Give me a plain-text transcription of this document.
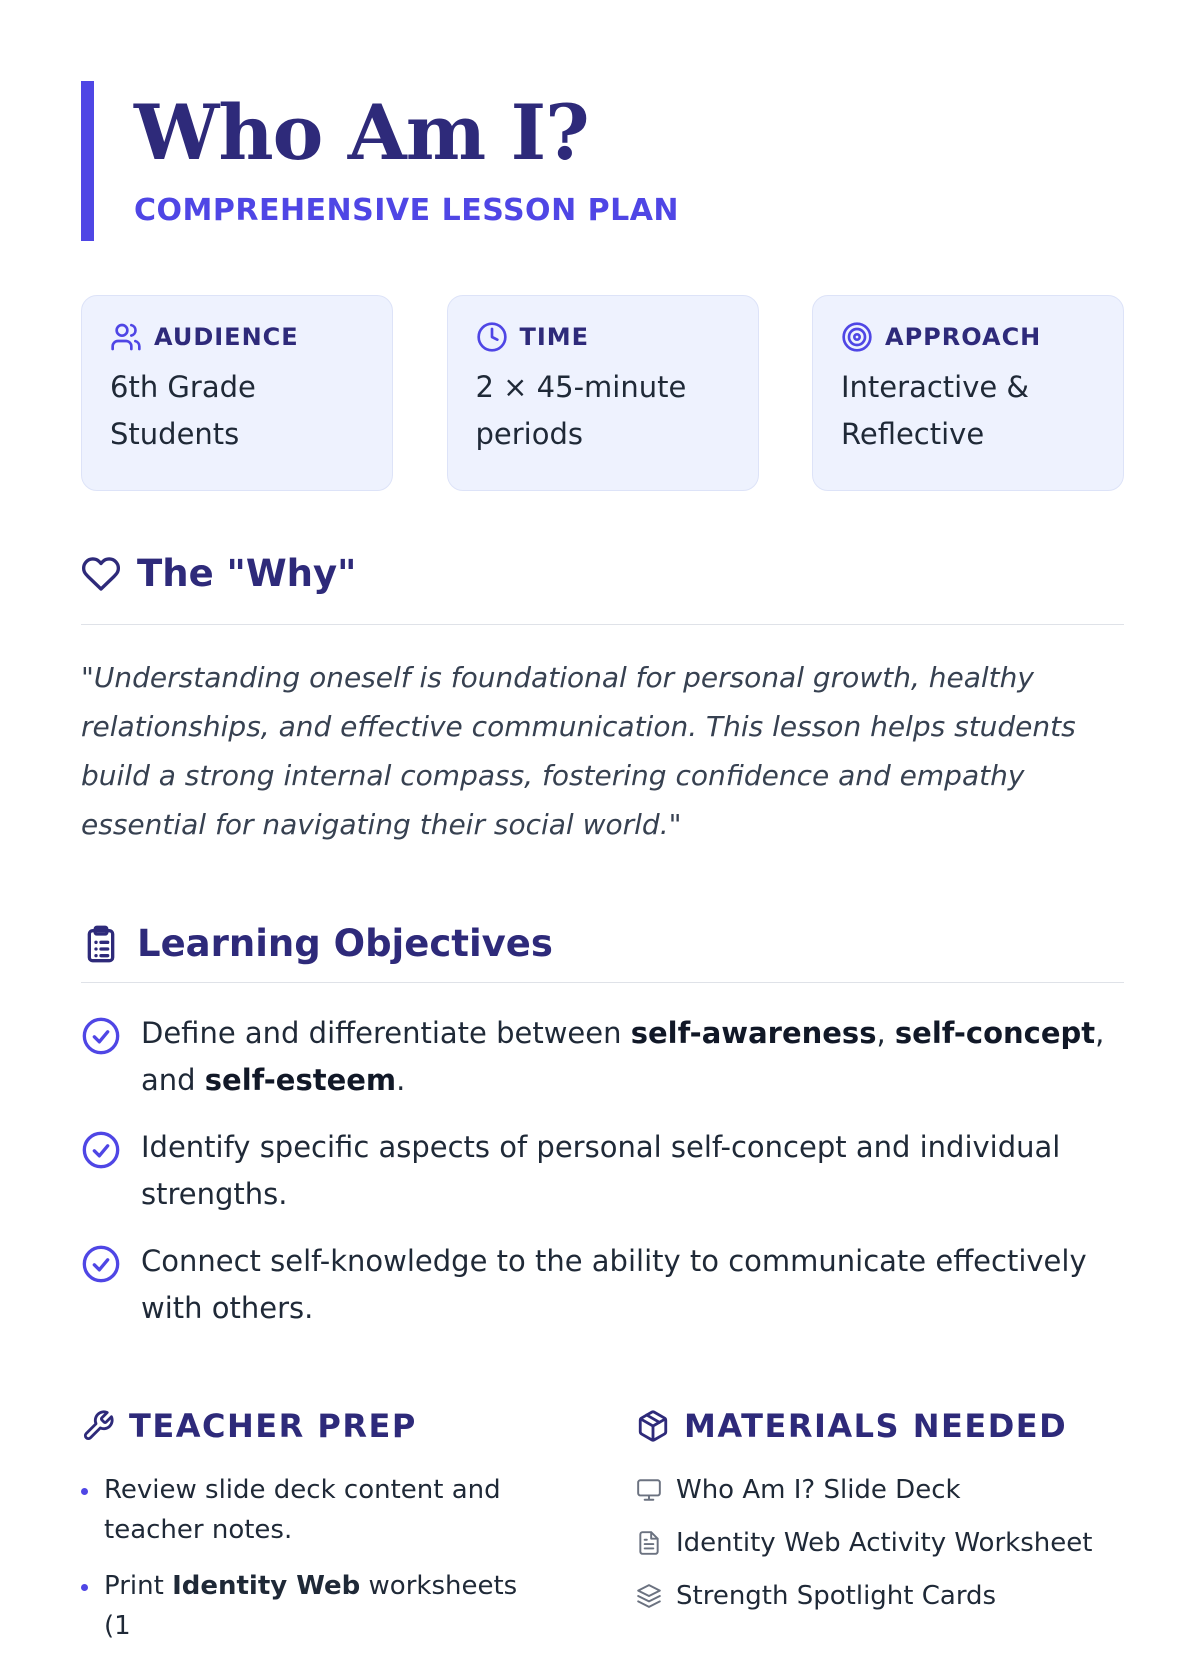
Who Am I?
COMPREHENSIVE LESSON PLAN
AUDIENCE
6th Grade Students
TIME
2 × 45-minute periods
APPROACH
Interactive & Reflective
The "Why"

"Understanding oneself is foundational for personal growth, healthy relationships, and effective communication. This lesson helps students build a strong internal compass, fostering confidence and empathy essential for navigating their social world."

Learning Objectives
Define and differentiate between self-awareness, self-concept, and self-esteem.
Identify specific aspects of personal self-concept and individual strengths.
Connect self-knowledge to the ability to communicate effectively with others.
TEACHER PREP
Review slide deck content and teacher notes.
Print Identity Web worksheets (1
MATERIALS NEEDED
Who Am I? Slide Deck
Identity Web Activity Worksheet
Strength Spotlight Cards
